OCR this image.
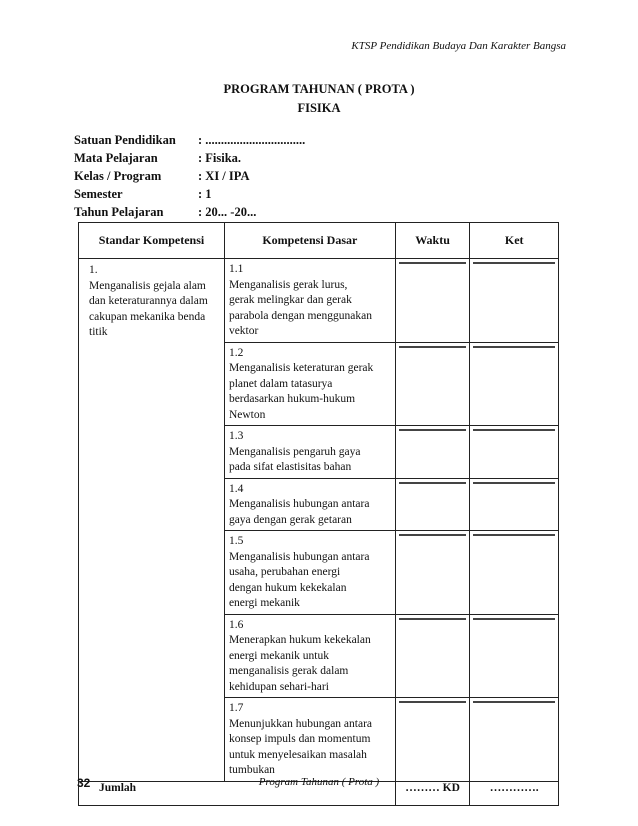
KTSP Pendidikan Budaya Dan Karakter Bangsa
PROGRAM TAHUNAN ( PROTA )
FISIKA
Satuan Pendidikan	: ................................
Mata Pelajaran	: Fisika.
Kelas / Program	: XI / IPA
Semester	: 1
Tahun Pelajaran	: 20... -20...
Standar Kompetensi	Kompetensi Dasar	Waktu	Ket

1.Menganalisis gejala alam dan keteraturannya dalam cakupan mekanika benda titik	1.1Menganalisis gerak lurus, gerak melingkar dan gerak parabola dengan menggunakan vektor		

	1.2Menganalisis keteraturan gerak planet dalam tatasurya berdasarkan hukum-hukum Newton		

	1.3Menganalisis pengaruh gaya pada sifat elastisitas bahan		

	1.4Menganalisis hubungan antara gaya dengan gerak getaran		

	1.5Menganalisis hubungan antara usaha, perubahan energi dengan hukum kekekalan energi mekanik		

	1.6Menerapkan hukum kekekalan energi mekanik untuk menganalisis gerak dalam kehidupan sehari-hari		

	1.7Menunjukkan hubungan antara konsep impuls dan momentum untuk menyelesaikan masalah tumbukan		

Jumlah		……… KD	………….
32	Program Tahunan ( Prota )
